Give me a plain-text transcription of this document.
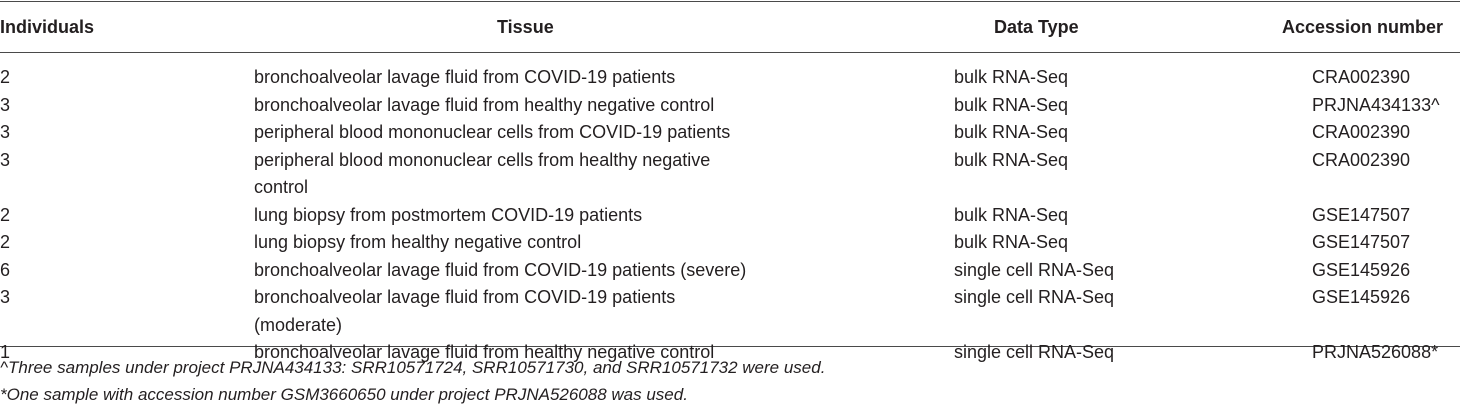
Individuals	Tissue	Data Type	Accession number
2	bronchoalveolar lavage fluid from COVID-19 patients	bulk RNA-Seq	CRA002390
3	bronchoalveolar lavage fluid from healthy negative control	bulk RNA-Seq	PRJNA434133^
3	peripheral blood mononuclear cells from COVID-19 patients	bulk RNA-Seq	CRA002390
3	peripheral blood mononuclear cells from healthy negative control	bulk RNA-Seq	CRA002390
2	lung biopsy from postmortem COVID-19 patients	bulk RNA-Seq	GSE147507
2	lung biopsy from healthy negative control	bulk RNA-Seq	GSE147507
6	bronchoalveolar lavage fluid from COVID-19 patients (severe)	single cell RNA-Seq	GSE145926
3	bronchoalveolar lavage fluid from COVID-19 patients (moderate)	single cell RNA-Seq	GSE145926
1	bronchoalveolar lavage fluid from healthy negative control	single cell RNA-Seq	PRJNA526088*

^Three samples under project PRJNA434133: SRR10571724, SRR10571730, and SRR10571732 were used.

*One sample with accession number GSM3660650 under project PRJNA526088 was used.
